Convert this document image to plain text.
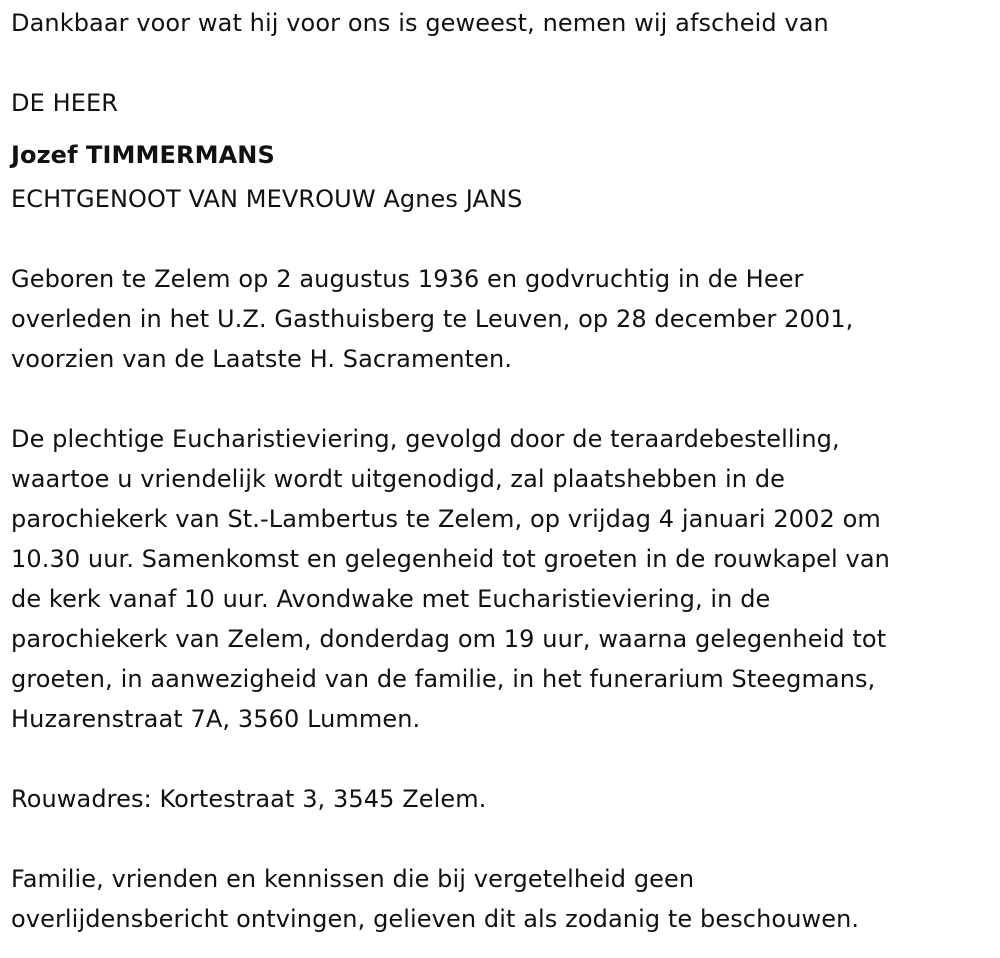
Dankbaar voor wat hij voor ons is geweest, nemen wij afscheid van
DE HEER
Jozef TIMMERMANS
ECHTGENOOT VAN MEVROUW Agnes JANS
Geboren te Zelem op 2 augustus 1936 en godvruchtig in de Heer
overleden in het U.Z. Gasthuisberg te Leuven, op 28 december 2001,
voorzien van de Laatste H. Sacramenten.
De plechtige Eucharistieviering, gevolgd door de teraardebestelling,
waartoe u vriendelijk wordt uitgenodigd, zal plaatshebben in de
parochiekerk van St.-Lambertus te Zelem, op vrijdag 4 januari 2002 om
10.30 uur. Samenkomst en gelegenheid tot groeten in de rouwkapel van
de kerk vanaf 10 uur. Avondwake met Eucharistieviering, in de
parochiekerk van Zelem, donderdag om 19 uur, waarna gelegenheid tot
groeten, in aanwezigheid van de familie, in het funerarium Steegmans,
Huzarenstraat 7A, 3560 Lummen.
Rouwadres: Kortestraat 3, 3545 Zelem.
Familie, vrienden en kennissen die bij vergetelheid geen
overlijdensbericht ontvingen, gelieven dit als zodanig te beschouwen.
